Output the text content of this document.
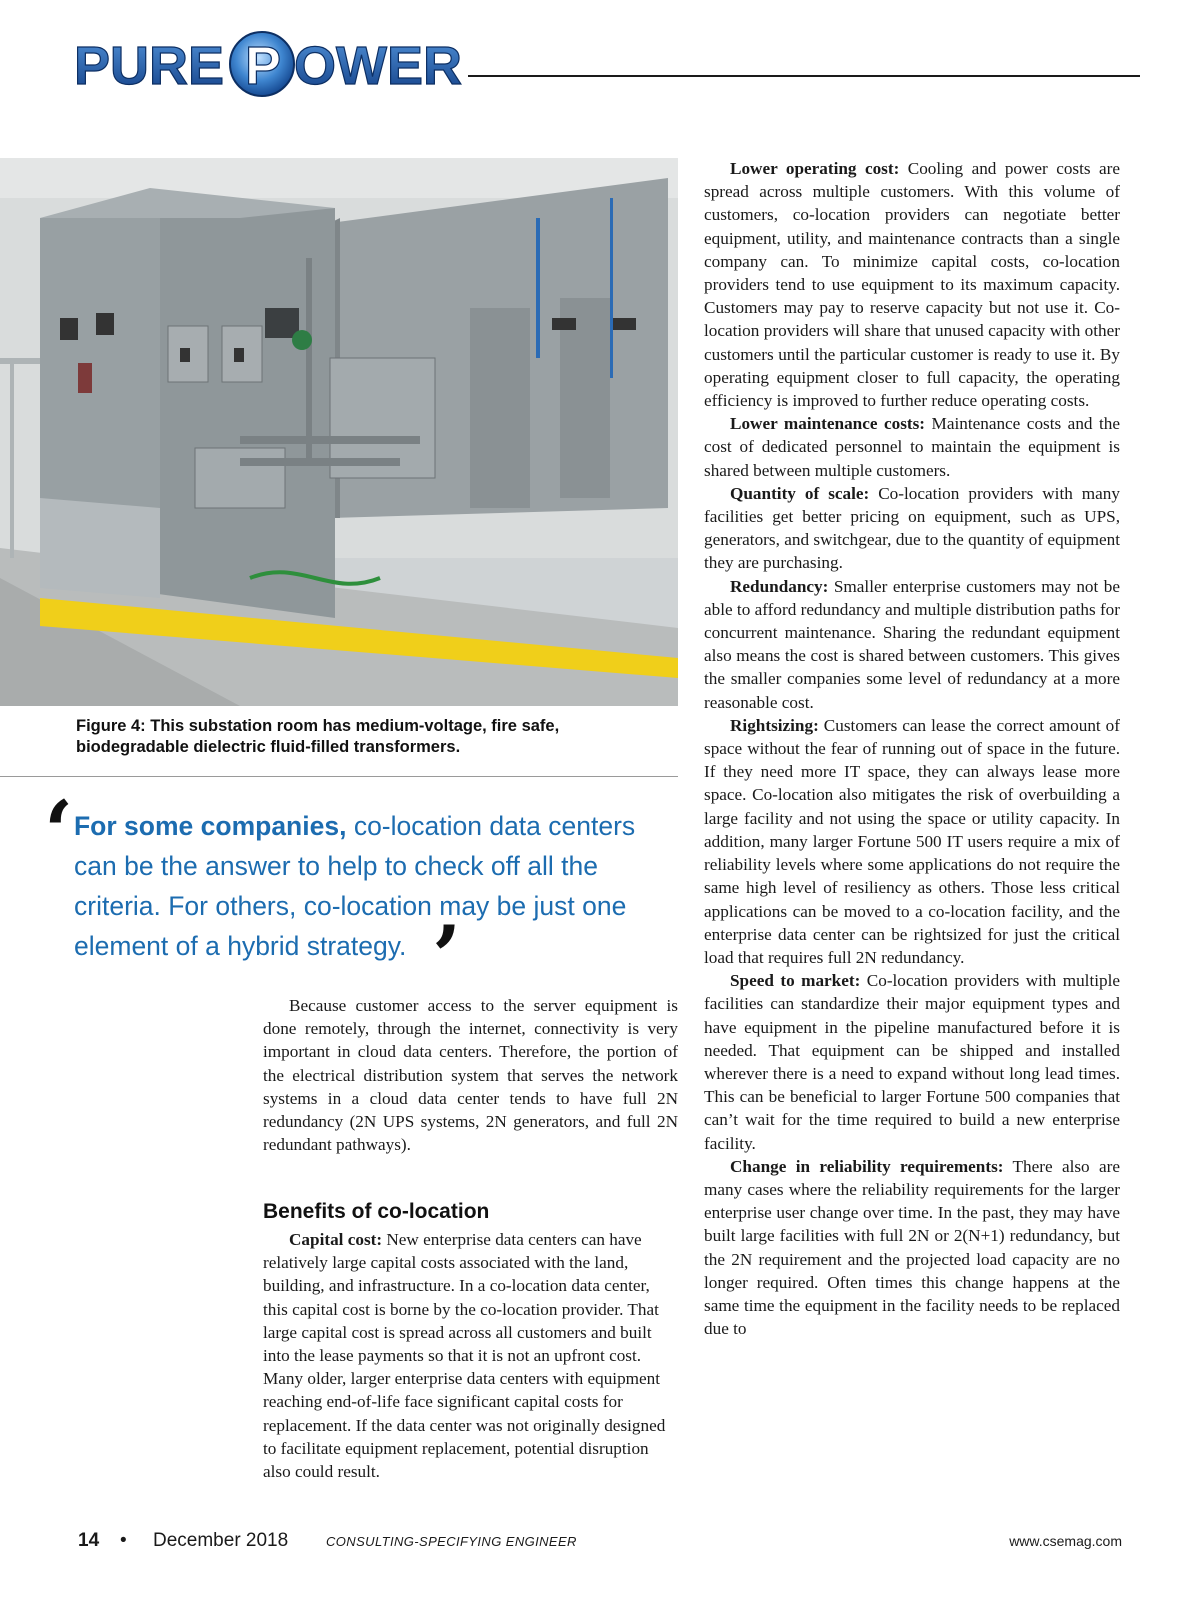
PURE P OWER
Figure 4: This substation room has medium-voltage, fire safe, biodegradable dielectric fluid-filled transformers.
‘ For some companies, co-location data centers can be the answer to help to check off all the criteria. For others, co-location may be just one element of a hybrid strategy. ’

Because customer access to the server equipment is done remotely, through the internet, connectivity is very important in cloud data centers. Therefore, the portion of the electrical distribution system that serves the network systems in a cloud data center tends to have full 2N redundancy (2N UPS systems, 2N generators, and full 2N redundant pathways).

Benefits of co-location

Capital cost: New enterprise data centers can have relatively large capital costs associated with the land, building, and infrastructure. In a co-location data center, this capital cost is borne by the co-location provider. That large capital cost is spread across all customers and built into the lease payments so that it is not an upfront cost. Many older, larger enterprise data centers with equipment reaching end-of-life face significant capital costs for replacement. If the data center was not originally designed to facilitate equipment replacement, potential disruption also could result.

Lower operating cost: Cooling and power costs are spread across multiple customers. With this volume of customers, co-location providers can negotiate better equipment, utility, and maintenance contracts than a single company can. To minimize capital costs, co-location providers tend to use equipment to its maximum capacity. Customers may pay to reserve capacity but not use it. Co-location providers will share that unused capacity with other customers until the particular customer is ready to use it. By operating equipment closer to full capacity, the operating efficiency is improved to further reduce operating costs.

Lower maintenance costs: Maintenance costs and the cost of dedicated personnel to maintain the equipment is shared between multiple customers.

Quantity of scale: Co-location providers with many facilities get better pricing on equipment, such as UPS, generators, and switchgear, due to the quantity of equipment they are purchasing.

Redundancy: Smaller enterprise customers may not be able to afford redundancy and multiple distribution paths for concurrent maintenance. Sharing the redundant equipment also means the cost is shared between customers. This gives the smaller companies some level of redundancy at a more reasonable cost.

Rightsizing: Customers can lease the correct amount of space without the fear of running out of space in the future. If they need more IT space, they can always lease more space. Co-location also mitigates the risk of overbuilding a large facility and not using the space or utility capacity. In addition, many larger Fortune 500 IT users require a mix of reliability levels where some applications do not require the same high level of resiliency as others. Those less critical applications can be moved to a co-location facility, and the enterprise data center can be rightsized for just the critical load that requires full 2N redundancy.

Speed to market: Co-location providers with multiple facilities can standardize their major equipment types and have equipment in the pipeline manufactured before it is needed. That equipment can be shipped and installed wherever there is a need to expand without long lead times. This can be beneficial to larger Fortune 500 companies that can’t wait for the time required to build a new enterprise facility.

Change in reliability requirements: There also are many cases where the reliability requirements for the larger enterprise user change over time. In the past, they may have built large facilities with full 2N or 2(N+1) redundancy, but the 2N requirement and the projected load capacity are no longer required. Often times this change happens at the same time the equipment in the facility needs to be replaced due to

14 • December 2018	CONSULTING-SPECIFYING ENGINEER	www.csemag.com
